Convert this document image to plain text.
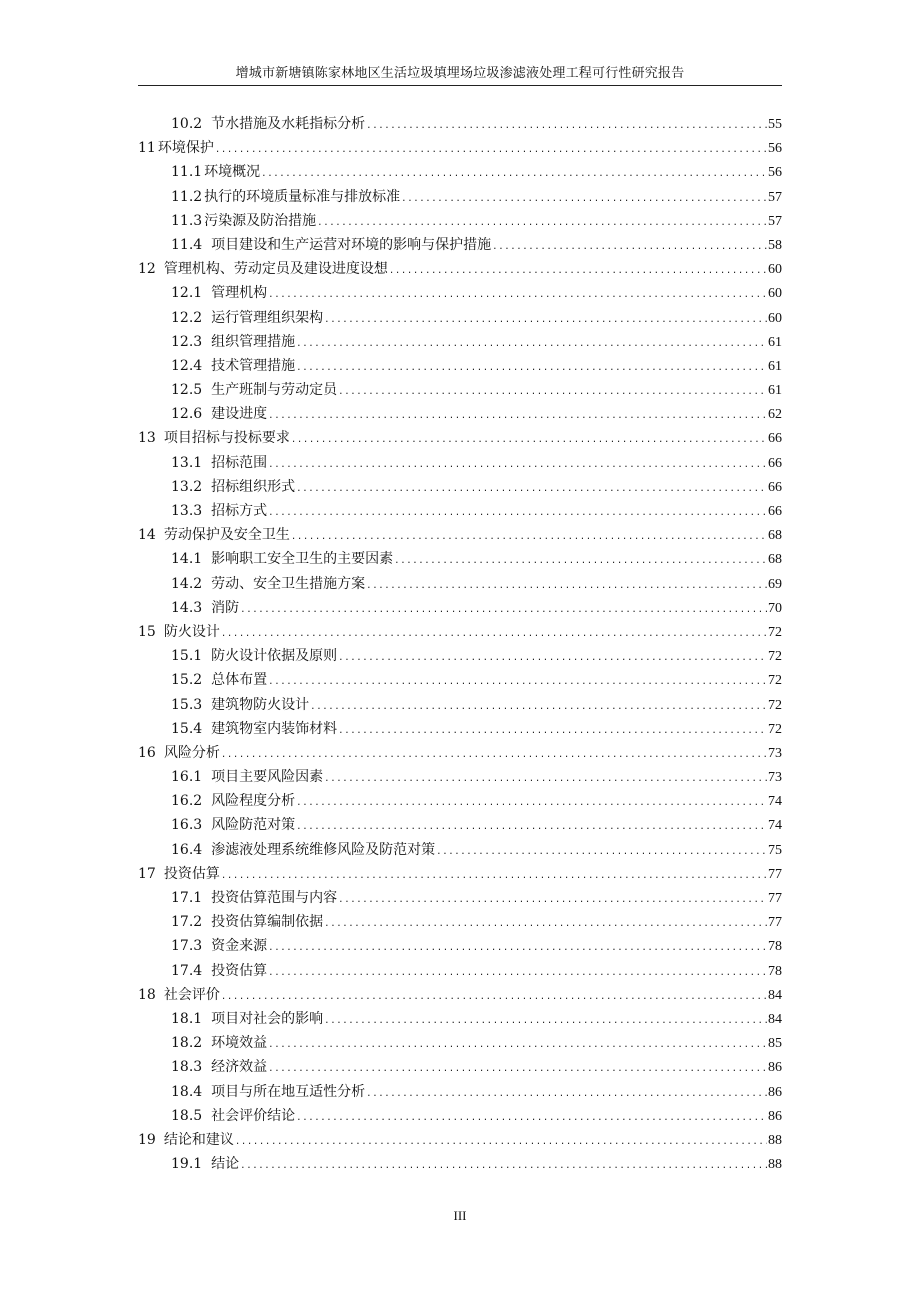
增城市新塘镇陈家林地区生活垃圾填埋场垃圾渗滤液处理工程可行性研究报告
10.2 节水措施及水耗指标分析 .....	55
11 环境保护 .....	56
11.1 环境概况 .....	56
11.2 执行的环境质量标准与排放标准 .....	57
11.3 污染源及防治措施 .....	57
11.4 项目建设和生产运营对环境的影响与保护措施 .....	58
12 管理机构、劳动定员及建设进度设想 .....	60
12.1 管理机构 .....	60
12.2 运行管理组织架构 .....	60
12.3 组织管理措施 .....	61
12.4 技术管理措施 .....	61
12.5 生产班制与劳动定员 .....	61
12.6 建设进度 .....	62
13 项目招标与投标要求 .....	66
13.1 招标范围 .....	66
13.2 招标组织形式 .....	66
13.3 招标方式 .....	66
14 劳动保护及安全卫生 .....	68
14.1 影响职工安全卫生的主要因素 .....	68
14.2 劳动、安全卫生措施方案 .....	69
14.3 消防 .....	70
15 防火设计 .....	72
15.1 防火设计依据及原则 .....	72
15.2 总体布置 .....	72
15.3 建筑物防火设计 .....	72
15.4 建筑物室内装饰材料 .....	72
16 风险分析 .....	73
16.1 项目主要风险因素 .....	73
16.2 风险程度分析 .....	74
16.3 风险防范对策 .....	74
16.4 渗滤液处理系统维修风险及防范对策 .....	75
17 投资估算 .....	77
17.1 投资估算范围与内容 .....	77
17.2 投资估算编制依据 .....	77
17.3 资金来源 .....	78
17.4 投资估算 .....	78
18 社会评价 .....	84
18.1 项目对社会的影响 .....	84
18.2 环境效益 .....	85
18.3 经济效益 .....	86
18.4 项目与所在地互适性分析 .....	86
18.5 社会评价结论 .....	86
19 结论和建议 .....	88
19.1 结论 .....	88
III
